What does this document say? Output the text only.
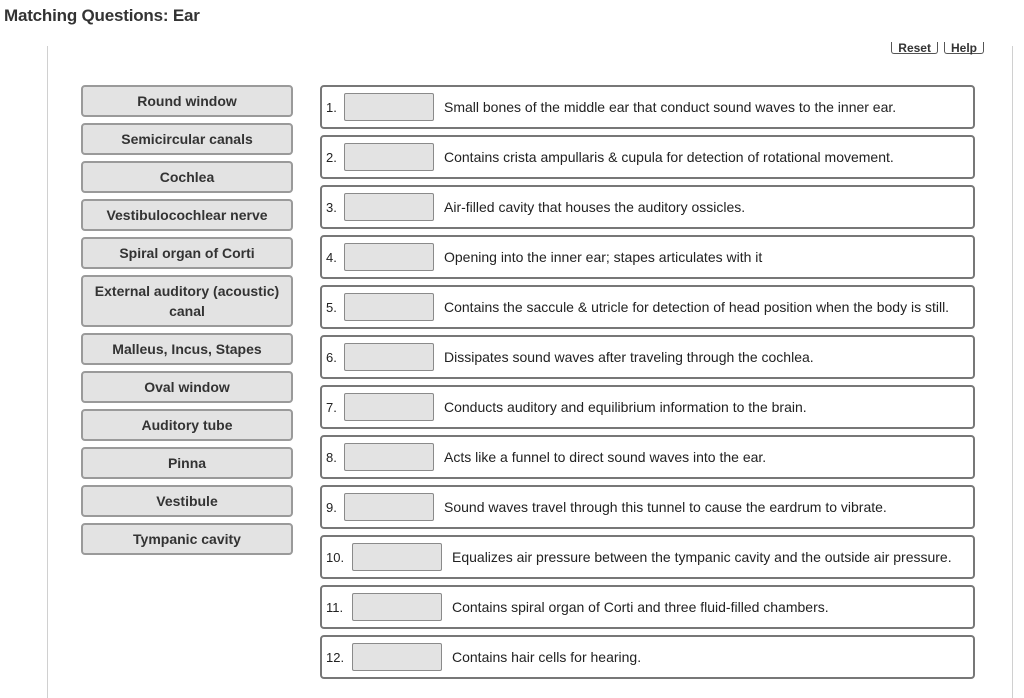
Matching Questions: Ear
Reset	Help
Round window
Semicircular canals
Cochlea
Vestibulocochlear nerve
Spiral organ of Corti
External auditory (acoustic) canal
Malleus, Incus, Stapes
Oval window
Auditory tube
Pinna
Vestibule
Tympanic cavity
1.	Small bones of the middle ear that conduct sound waves to the inner ear.
2.	Contains crista ampullaris & cupula for detection of rotational movement.
3.	Air-filled cavity that houses the auditory ossicles.
4.	Opening into the inner ear; stapes articulates with it
5.	Contains the saccule & utricle for detection of head position when the body is still.
6.	Dissipates sound waves after traveling through the cochlea.
7.	Conducts auditory and equilibrium information to the brain.
8.	Acts like a funnel to direct sound waves into the ear.
9.	Sound waves travel through this tunnel to cause the eardrum to vibrate.
10.	Equalizes air pressure between the tympanic cavity and the outside air pressure.
11.	Contains spiral organ of Corti and three fluid-filled chambers.
12.	Contains hair cells for hearing.
